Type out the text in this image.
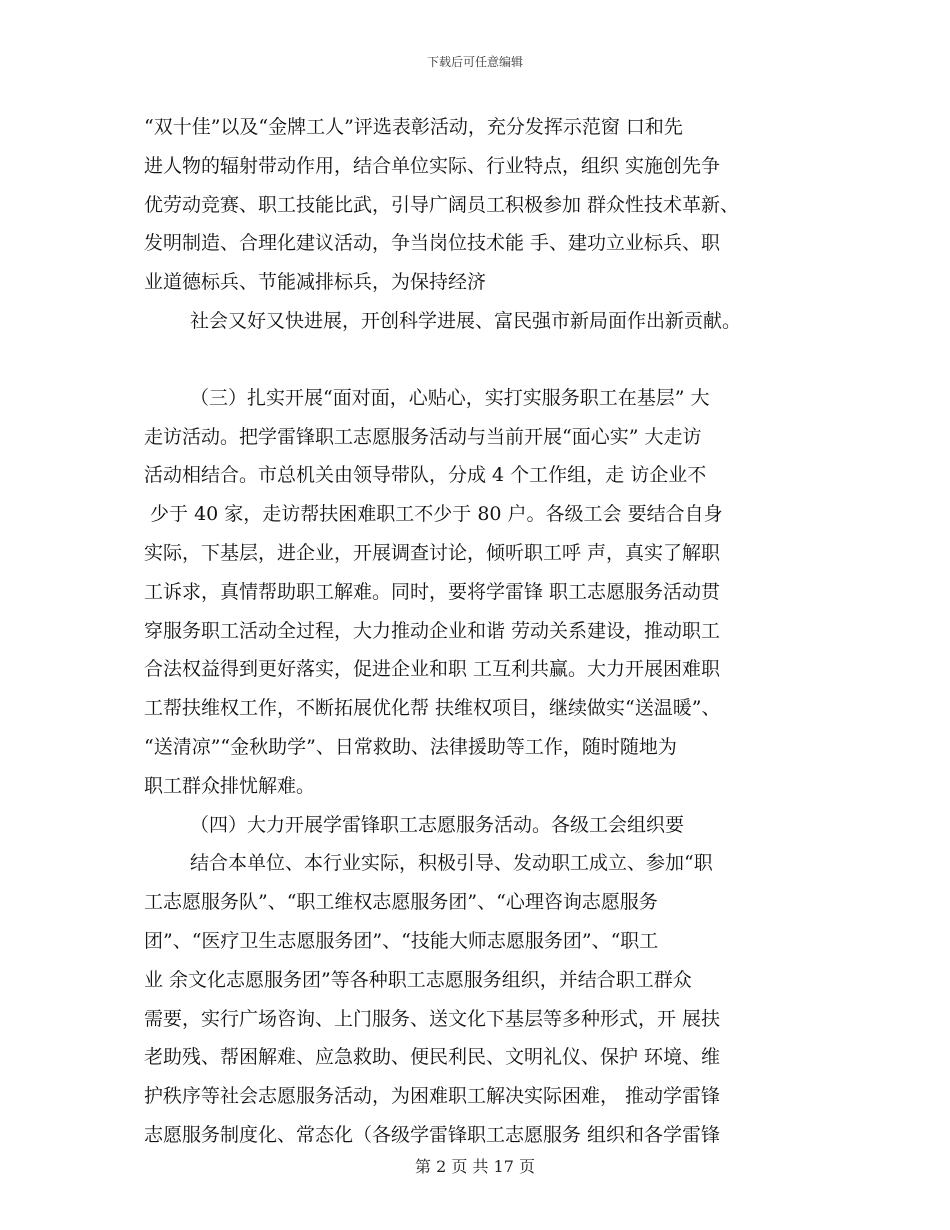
下载后可任意编辑
“双十佳”以及“金牌工人”评选表彰活动，充分发挥示范窗 口和先
进人物的辐射带动作用，结合单位实际、行业特点，组织 实施创先争
优劳动竞赛、职工技能比武，引导广阔员工积极参加 群众性技术革新、
发明制造、合理化建议活动，争当岗位技术能 手、建功立业标兵、职
业道德标兵、节能减排标兵，为保持经济
社会又好又快进展，开创科学进展、富民强市新局面作出新贡献。
（三）扎实开展“面对面，心贴心，实打实服务职工在基层” 大
走访活动。把学雷锋职工志愿服务活动与当前开展“面心实” 大走访
活动相结合。市总机关由领导带队，分成 4 个工作组，走 访企业不
少于 40 家，走访帮扶困难职工不少于 80 户。各级工会 要结合自身
实际，下基层，进企业，开展调查讨论，倾听职工呼 声，真实了解职
工诉求，真情帮助职工解难。同时，要将学雷锋 职工志愿服务活动贯
穿服务职工活动全过程，大力推动企业和谐 劳动关系建设，推动职工
合法权益得到更好落实，促进企业和职 工互利共赢。大力开展困难职
工帮扶维权工作，不断拓展优化帮 扶维权项目，继续做实“送温暖”、
“送清凉”“金秋助学”、日常救助、法律援助等工作，随时随地为
职工群众排忧解难。
（四）大力开展学雷锋职工志愿服务活动。各级工会组织要
结合本单位、本行业实际，积极引导、发动职工成立、参加“职
工志愿服务队”、“职工维权志愿服务团”、“心理咨询志愿服务
团”、“医疗卫生志愿服务团”、“技能大师志愿服务团”、“职工
业 余文化志愿服务团”等各种职工志愿服务组织，并结合职工群众
需要，实行广场咨询、上门服务、送文化下基层等多种形式，开 展扶
老助残、帮困解难、应急救助、便民利民、文明礼仪、保护 环境、维
护秩序等社会志愿服务活动，为困难职工解决实际困难， 推动学雷锋
志愿服务制度化、常态化（各级学雷锋职工志愿服务 组织和各学雷锋
第 2 页 共 17 页
